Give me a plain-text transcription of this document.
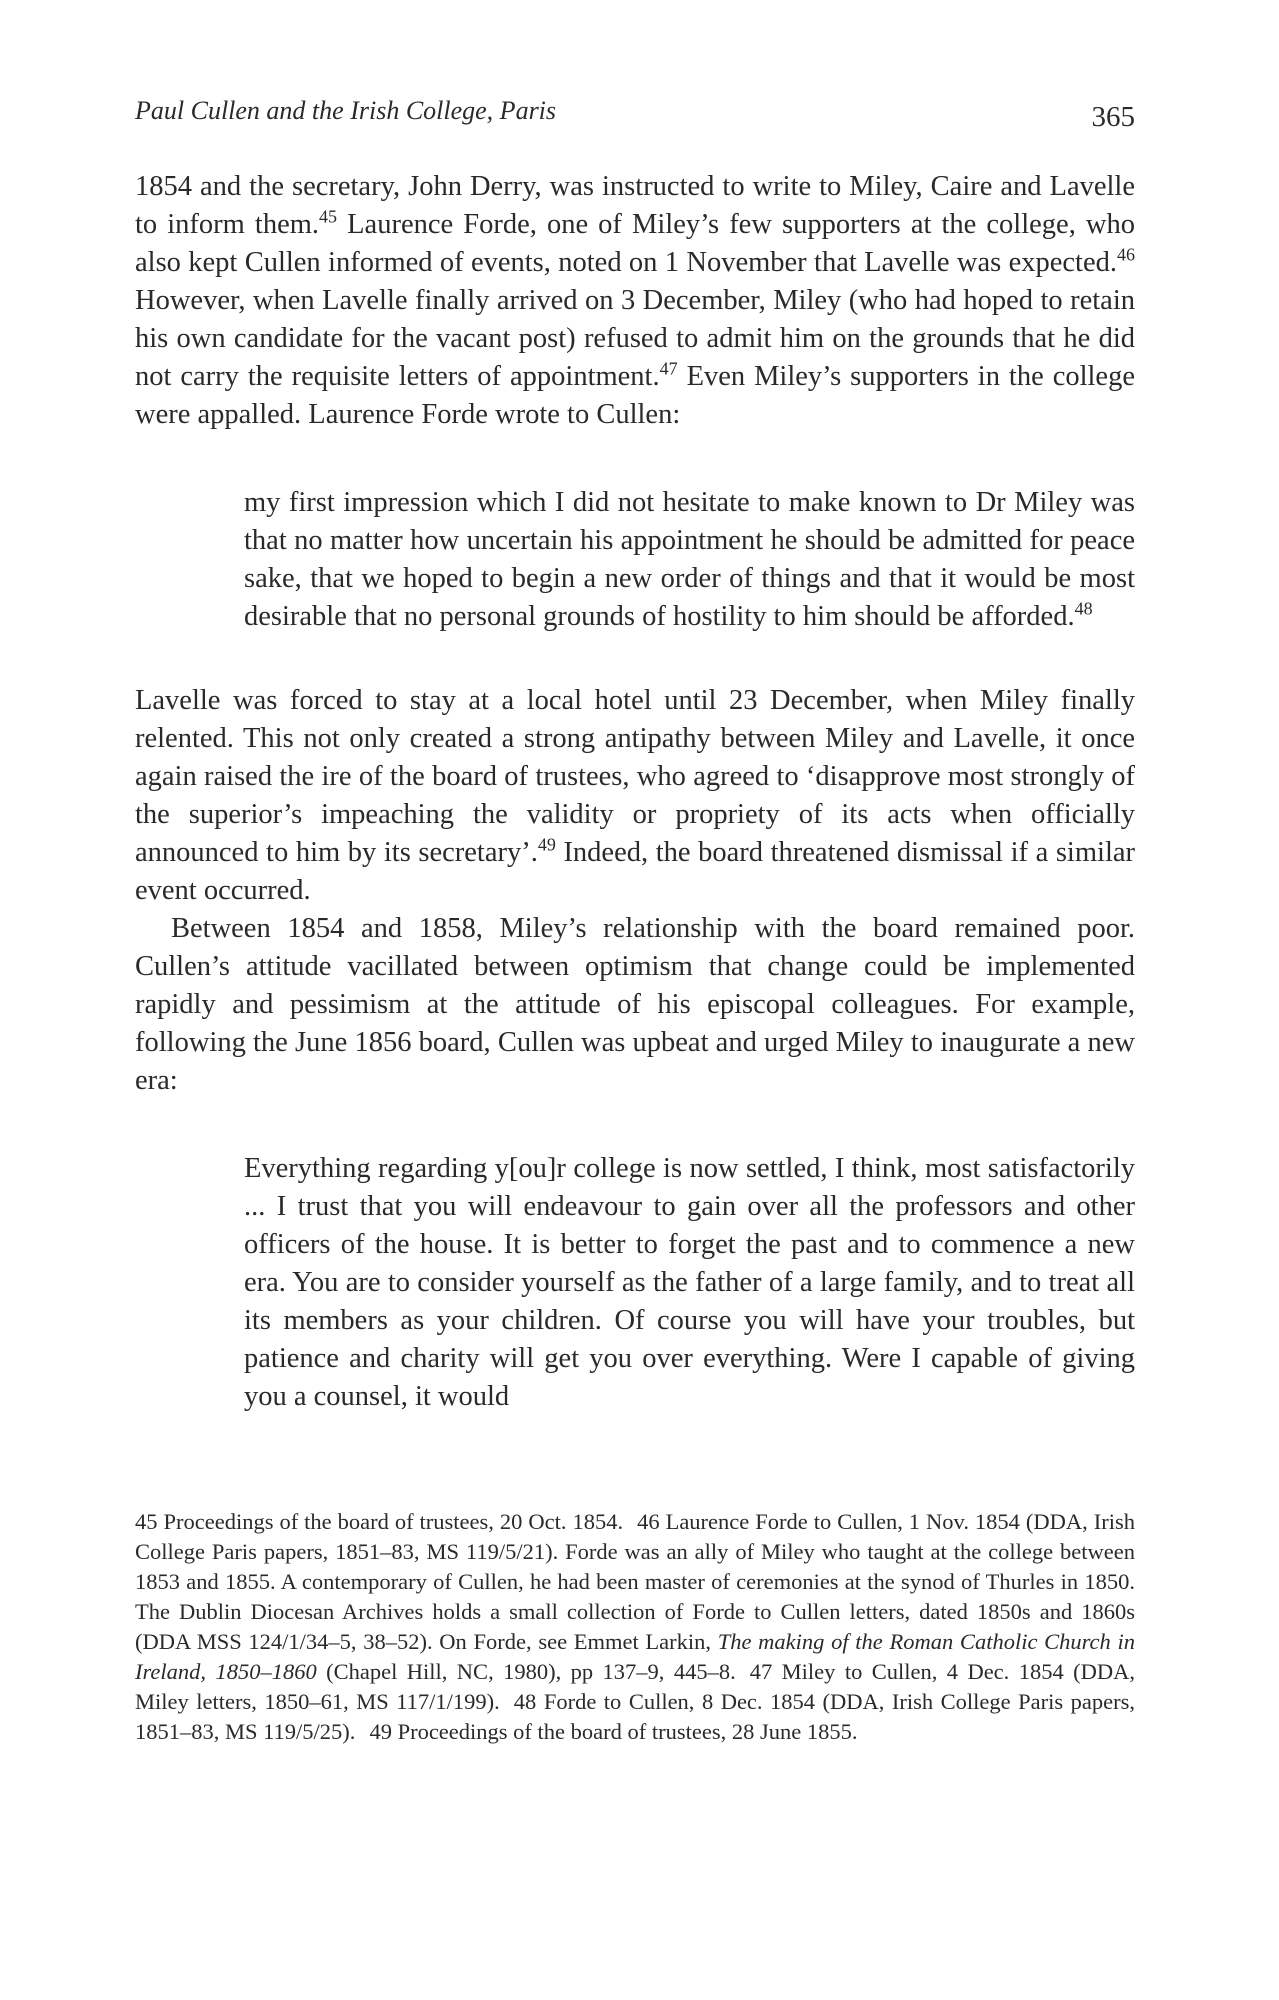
Paul Cullen and the Irish College, Paris	365

1854 and the secretary, John Derry, was instructed to write to Miley, Caire and Lavelle to inform them.$^{45}$ Laurence Forde, one of Miley’s few supporters at the college, who also kept Cullen informed of events, noted on 1 November that Lavelle was expected.$^{46}$ However, when Lavelle finally arrived on 3 December, Miley (who had hoped to retain his own candidate for the vacant post) refused to admit him on the grounds that he did not carry the requisite letters of appointment.$^{47}$ Even Miley’s supporters in the college were appalled. Laurence Forde wrote to Cullen:

my first impression which I did not hesitate to make known to Dr Miley was that no matter how uncertain his appointment he should be admitted for peace sake, that we hoped to begin a new order of things and that it would be most desirable that no personal grounds of hostility to him should be afforded.$^{48}$

Lavelle was forced to stay at a local hotel until 23 December, when Miley finally relented. This not only created a strong antipathy between Miley and Lavelle, it once again raised the ire of the board of trustees, who agreed to ‘disapprove most strongly of the superior’s impeaching the validity or propriety of its acts when officially announced to him by its secretary’.$^{49}$ Indeed, the board threatened dismissal if a similar event occurred.

Between 1854 and 1858, Miley’s relationship with the board remained poor. Cullen’s attitude vacillated between optimism that change could be implemented rapidly and pessimism at the attitude of his episcopal colleagues. For example, following the June 1856 board, Cullen was upbeat and urged Miley to inaugurate a new era:

Everything regarding y[ou]r college is now settled, I think, most satisfactorily ... I trust that you will endeavour to gain over all the professors and other officers of the house. It is better to forget the past and to commence a new era. You are to consider yourself as the father of a large family, and to treat all its members as your children. Of course you will have your troubles, but patience and charity will get you over everything. Were I capable of giving you a counsel, it would

45 Proceedings of the board of trustees, 20 Oct. 1854. 46 Laurence Forde to Cullen, 1 Nov. 1854 (DDA, Irish College Paris papers, 1851–83, MS 119/5/21). Forde was an ally of Miley who taught at the college between 1853 and 1855. A contemporary of Cullen, he had been master of ceremonies at the synod of Thurles in 1850. The Dublin Diocesan Archives holds a small collection of Forde to Cullen letters, dated 1850s and 1860s (DDA MSS 124/1/34–5, 38–52). On Forde, see Emmet Larkin, The making of the Roman Catholic Church in Ireland, 1850–1860 (Chapel Hill, NC, 1980), pp 137–9, 445–8. 47 Miley to Cullen, 4 Dec. 1854 (DDA, Miley letters, 1850–61, MS 117/1/199). 48 Forde to Cullen, 8 Dec. 1854 (DDA, Irish College Paris papers, 1851–83, MS 119/5/25). 49 Proceedings of the board of trustees, 28 June 1855.
